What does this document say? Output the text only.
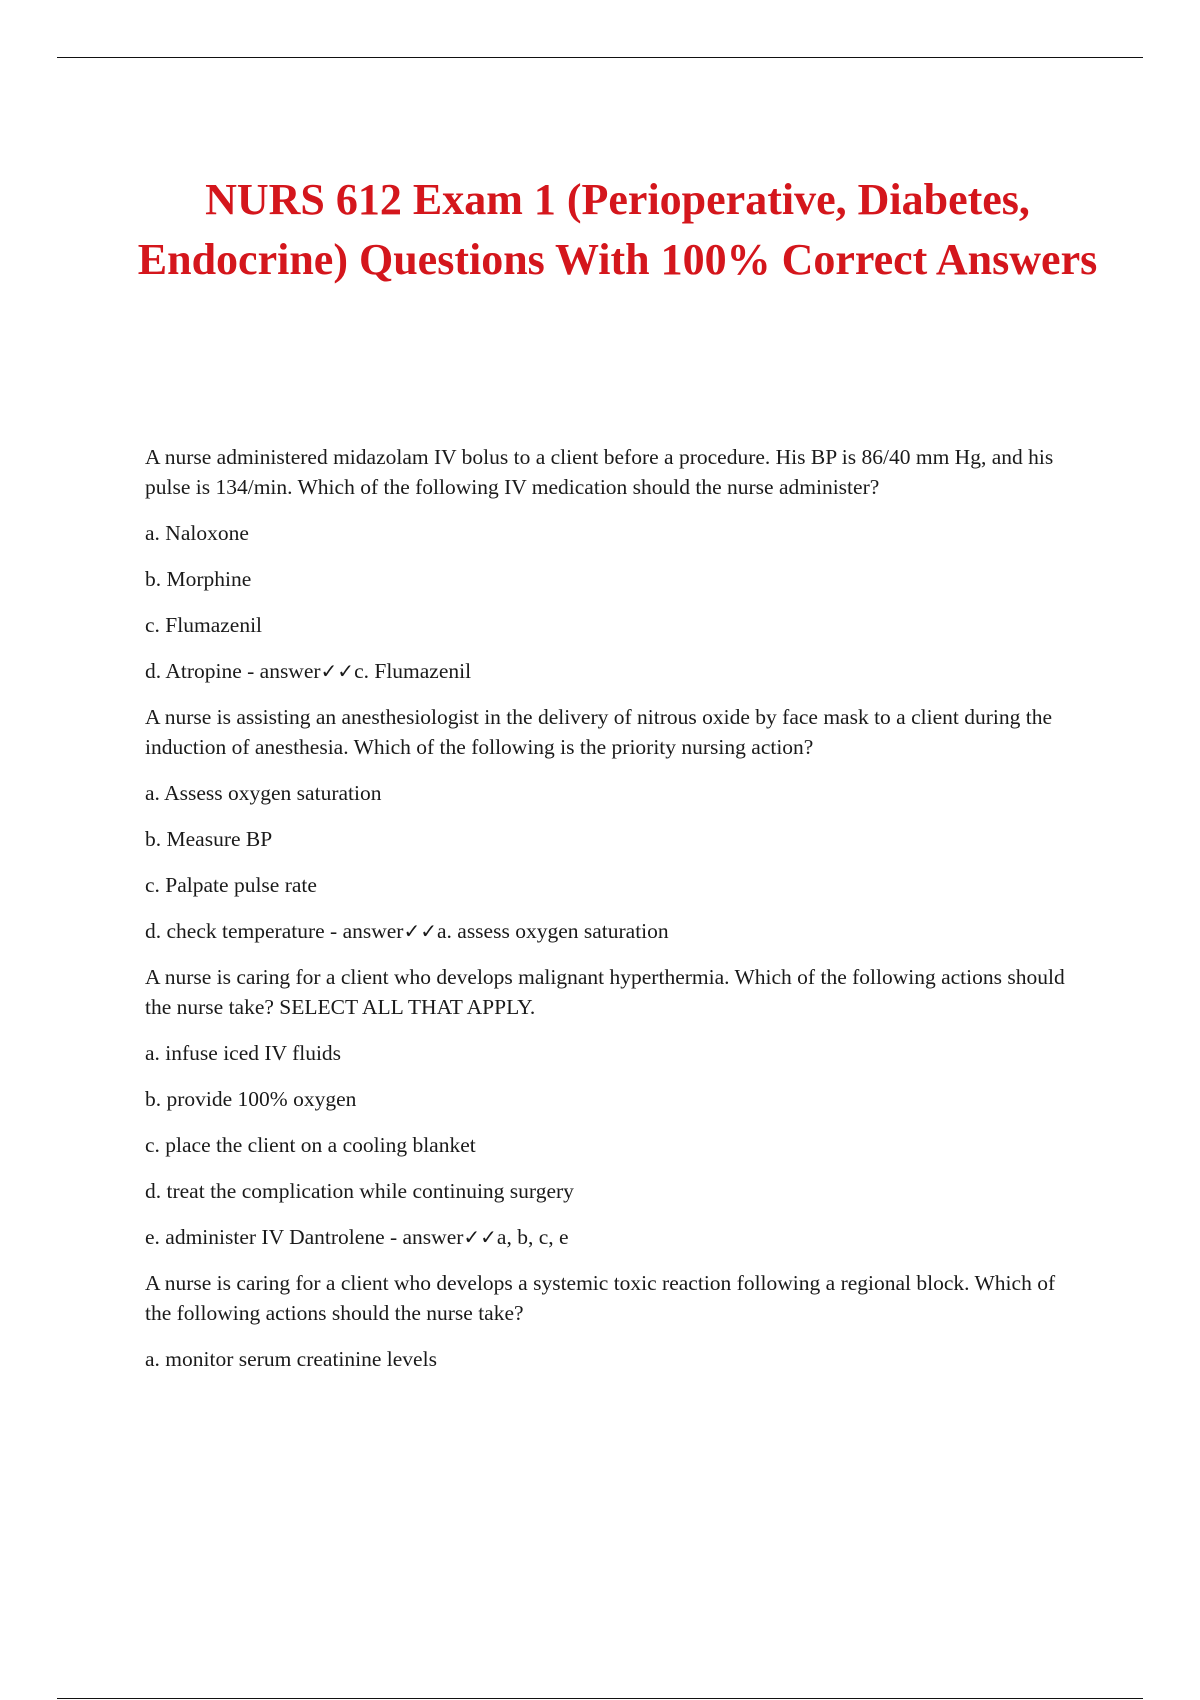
NURS 612 Exam 1 (Perioperative, Diabetes, Endocrine) Questions With 100% Correct Answers

A nurse administered midazolam IV bolus to a client before a procedure. His BP is 86/40 mm Hg, and his pulse is 134/min. Which of the following IV medication should the nurse administer?

a. Naloxone

b. Morphine

c. Flumazenil

d. Atropine - answer✓✓c. Flumazenil

A nurse is assisting an anesthesiologist in the delivery of nitrous oxide by face mask to a client during the induction of anesthesia. Which of the following is the priority nursing action?

a. Assess oxygen saturation

b. Measure BP

c. Palpate pulse rate

d. check temperature - answer✓✓a. assess oxygen saturation

A nurse is caring for a client who develops malignant hyperthermia. Which of the following actions should the nurse take? SELECT ALL THAT APPLY.

a. infuse iced IV fluids

b. provide 100% oxygen

c. place the client on a cooling blanket

d. treat the complication while continuing surgery

e. administer IV Dantrolene - answer✓✓a, b, c, e

A nurse is caring for a client who develops a systemic toxic reaction following a regional block. Which of the following actions should the nurse take?

a. monitor serum creatinine levels
